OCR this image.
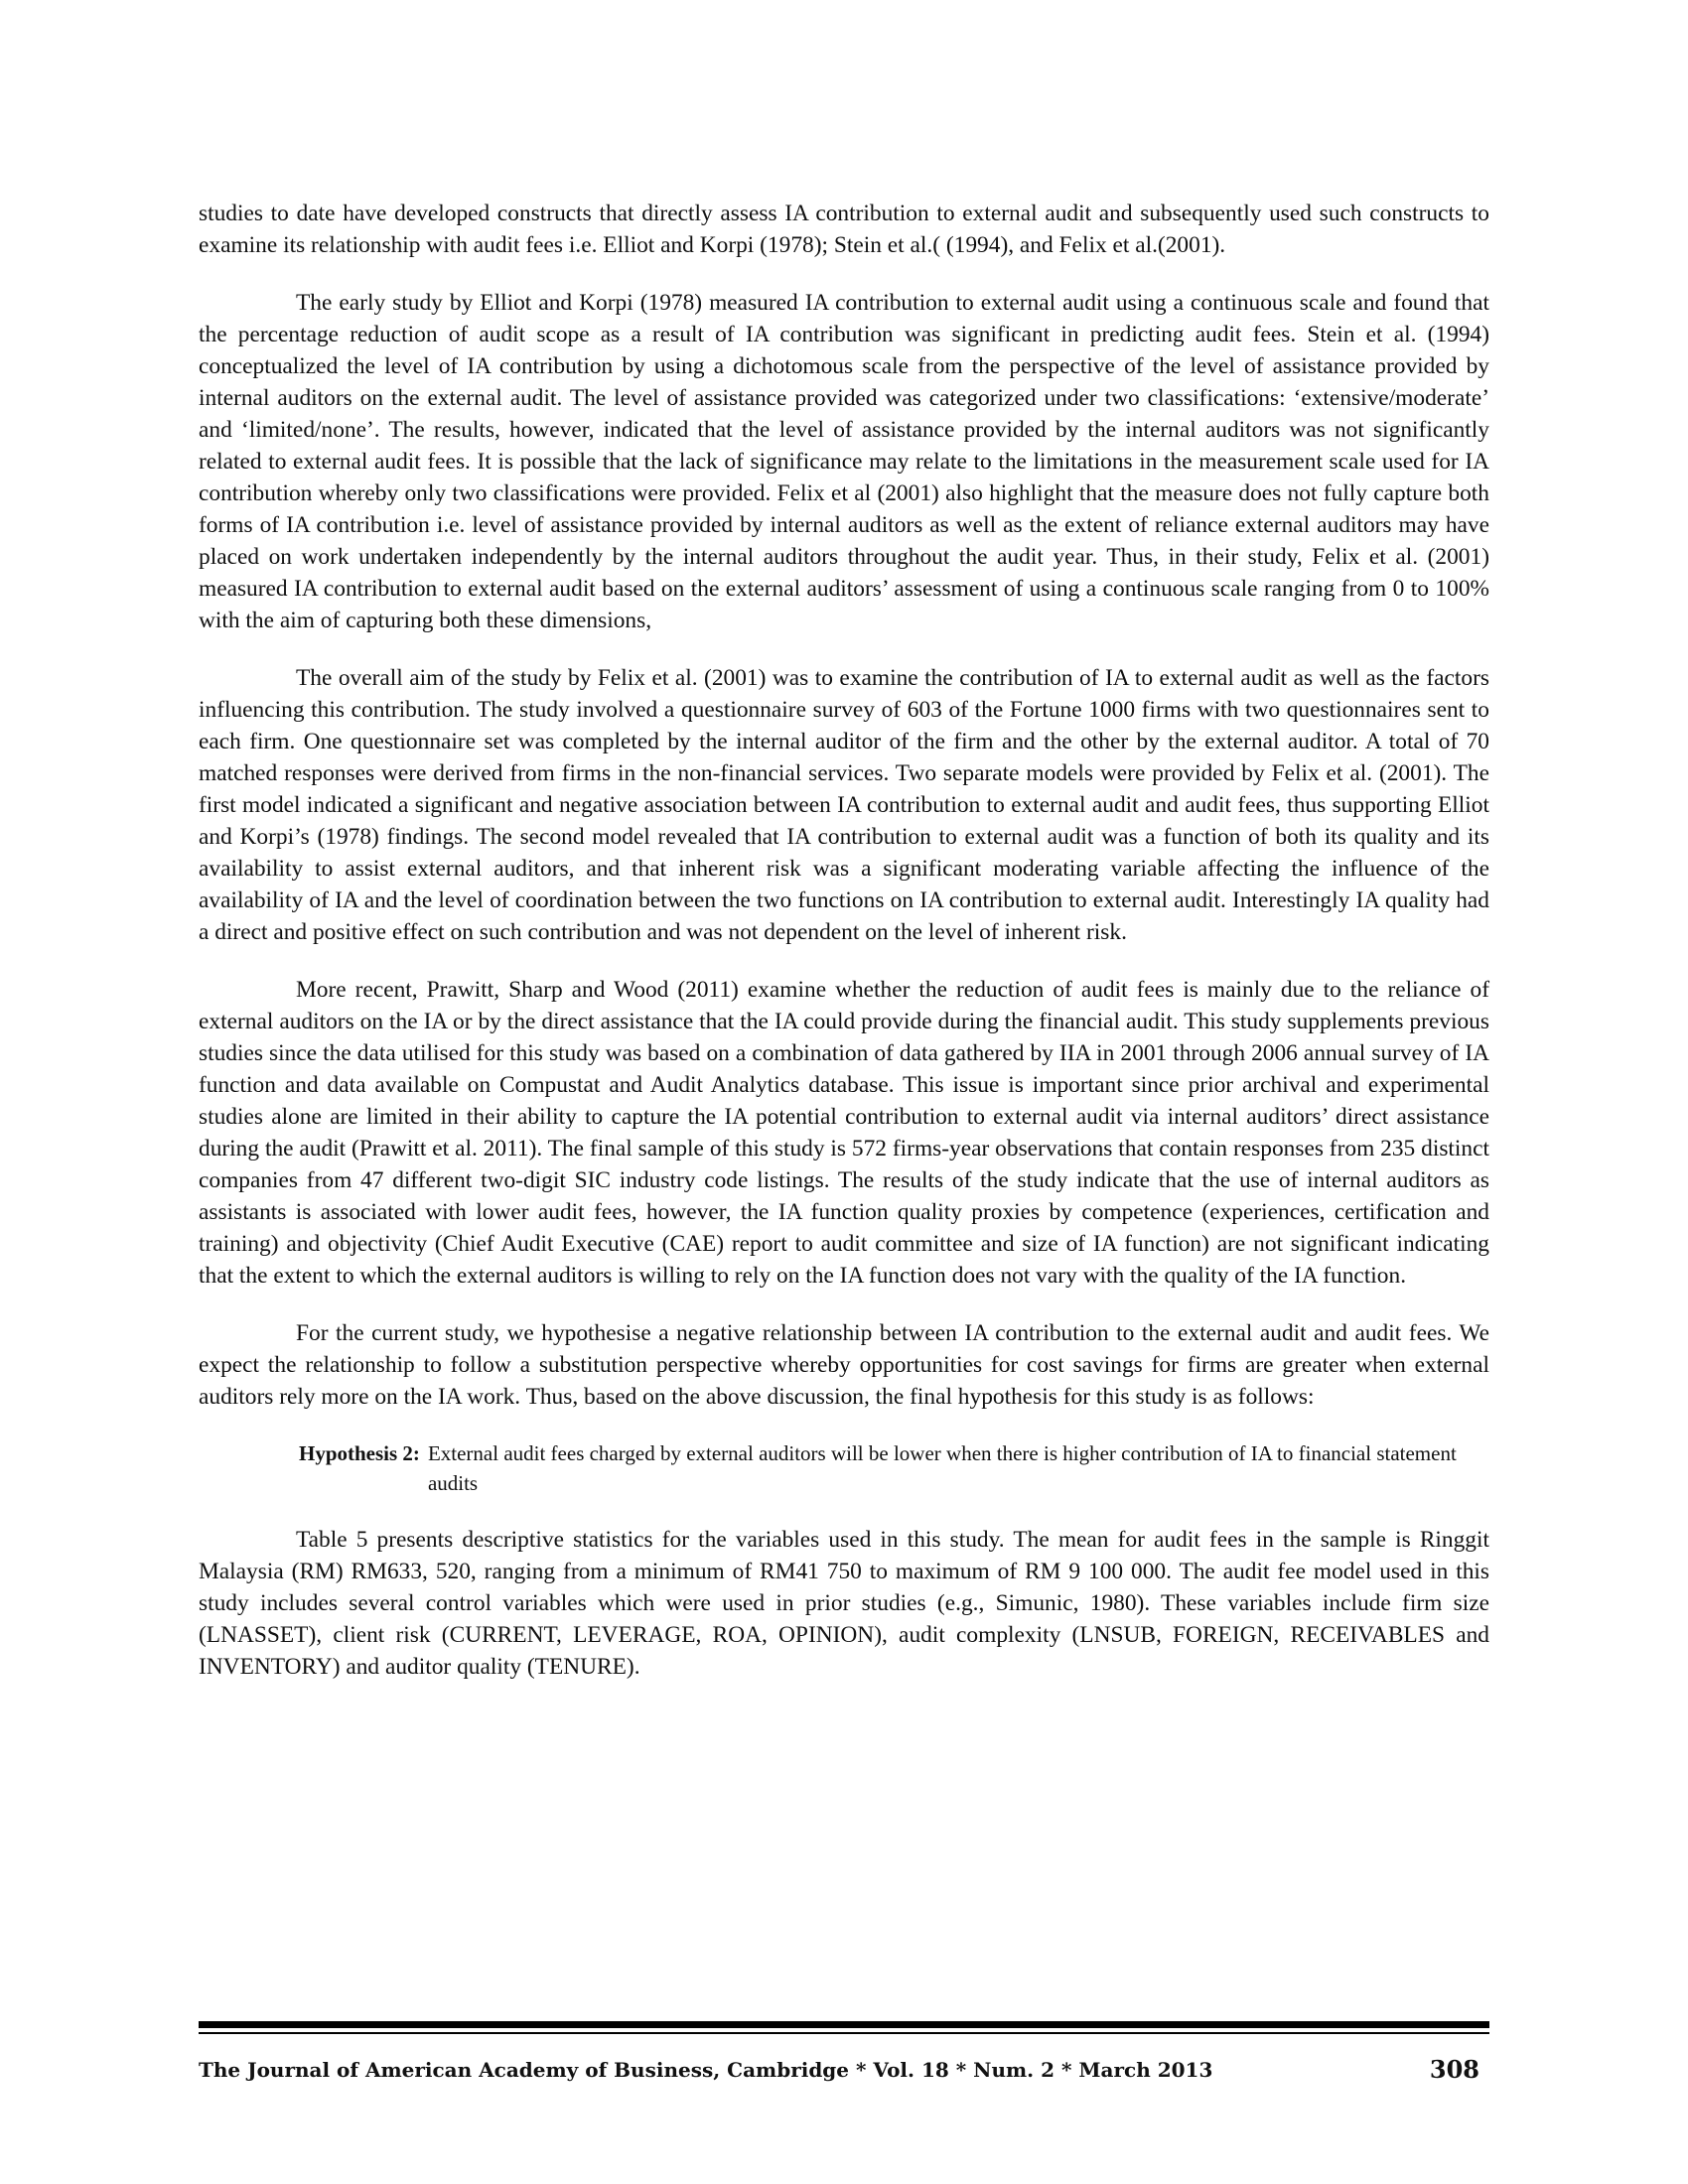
studies to date have developed constructs that directly assess IA contribution to external audit and subsequently used such constructs to examine its relationship with audit fees i.e. Elliot and Korpi (1978); Stein et al.( (1994), and Felix et al.(2001).

The early study by Elliot and Korpi (1978) measured IA contribution to external audit using a continuous scale and found that the percentage reduction of audit scope as a result of IA contribution was significant in predicting audit fees. Stein et al. (1994) conceptualized the level of IA contribution by using a dichotomous scale from the perspective of the level of assistance provided by internal auditors on the external audit. The level of assistance provided was categorized under two classifications: ‘extensive/moderate’ and ‘limited/none’. The results, however, indicated that the level of assistance provided by the internal auditors was not significantly related to external audit fees. It is possible that the lack of significance may relate to the limitations in the measurement scale used for IA contribution whereby only two classifications were provided. Felix et al (2001) also highlight that the measure does not fully capture both forms of IA contribution i.e. level of assistance provided by internal auditors as well as the extent of reliance external auditors may have placed on work undertaken independently by the internal auditors throughout the audit year. Thus, in their study, Felix et al. (2001) measured IA contribution to external audit based on the external auditors’ assessment of using a continuous scale ranging from 0 to 100% with the aim of capturing both these dimensions,

The overall aim of the study by Felix et al. (2001) was to examine the contribution of IA to external audit as well as the factors influencing this contribution. The study involved a questionnaire survey of 603 of the Fortune 1000 firms with two questionnaires sent to each firm. One questionnaire set was completed by the internal auditor of the firm and the other by the external auditor. A total of 70 matched responses were derived from firms in the non-financial services. Two separate models were provided by Felix et al. (2001). The first model indicated a significant and negative association between IA contribution to external audit and audit fees, thus supporting Elliot and Korpi’s (1978) findings. The second model revealed that IA contribution to external audit was a function of both its quality and its availability to assist external auditors, and that inherent risk was a significant moderating variable affecting the influence of the availability of IA and the level of coordination between the two functions on IA contribution to external audit. Interestingly IA quality had a direct and positive effect on such contribution and was not dependent on the level of inherent risk.

More recent, Prawitt, Sharp and Wood (2011) examine whether the reduction of audit fees is mainly due to the reliance of external auditors on the IA or by the direct assistance that the IA could provide during the financial audit. This study supplements previous studies since the data utilised for this study was based on a combination of data gathered by IIA in 2001 through 2006 annual survey of IA function and data available on Compustat and Audit Analytics database. This issue is important since prior archival and experimental studies alone are limited in their ability to capture the IA potential contribution to external audit via internal auditors’ direct assistance during the audit (Prawitt et al. 2011). The final sample of this study is 572 firms-year observations that contain responses from 235 distinct companies from 47 different two-digit SIC industry code listings. The results of the study indicate that the use of internal auditors as assistants is associated with lower audit fees, however, the IA function quality proxies by competence (experiences, certification and training) and objectivity (Chief Audit Executive (CAE) report to audit committee and size of IA function) are not significant indicating that the extent to which the external auditors is willing to rely on the IA function does not vary with the quality of the IA function.

For the current study, we hypothesise a negative relationship between IA contribution to the external audit and audit fees. We expect the relationship to follow a substitution perspective whereby opportunities for cost savings for firms are greater when external auditors rely more on the IA work. Thus, based on the above discussion, the final hypothesis for this study is as follows:

Hypothesis 2: External audit fees charged by external auditors will be lower when there is higher contribution of IA to financial statement audits

Table 5 presents descriptive statistics for the variables used in this study. The mean for audit fees in the sample is Ringgit Malaysia (RM) RM633, 520, ranging from a minimum of RM41 750 to maximum of RM 9 100 000. The audit fee model used in this study includes several control variables which were used in prior studies (e.g., Simunic, 1980). These variables include firm size (LNASSET), client risk (CURRENT, LEVERAGE, ROA, OPINION), audit complexity (LNSUB, FOREIGN, RECEIVABLES and INVENTORY) and auditor quality (TENURE).

The Journal of American Academy of Business, Cambridge * Vol. 18 * Num. 2 * March 2013	308
